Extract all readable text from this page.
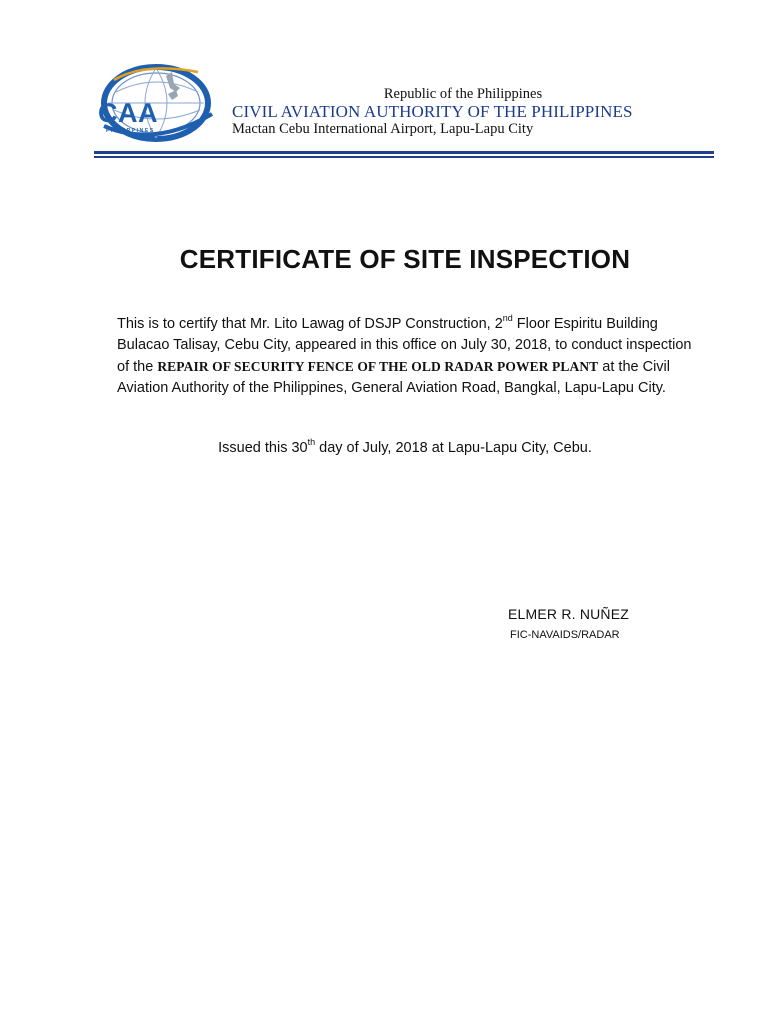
CAA
PHILIPPINES
Republic of the Philippines
CIVIL AVIATION AUTHORITY OF THE PHILIPPINES
Mactan Cebu International Airport, Lapu-Lapu City
CERTIFICATE OF SITE INSPECTION
This is to certify that Mr. Lito Lawag of DSJP Construction, 2nd Floor Espiritu Building Bulacao Talisay, Cebu City, appeared in this office on July 30, 2018, to conduct inspection of the REPAIR OF SECURITY FENCE OF THE OLD RADAR POWER PLANT at the Civil Aviation Authority of the Philippines, General Aviation Road, Bangkal, Lapu-Lapu City.
Issued this 30th day of July, 2018 at Lapu-Lapu City, Cebu.
ELMER R. NUÑEZ
FIC-NAVAIDS/RADAR
